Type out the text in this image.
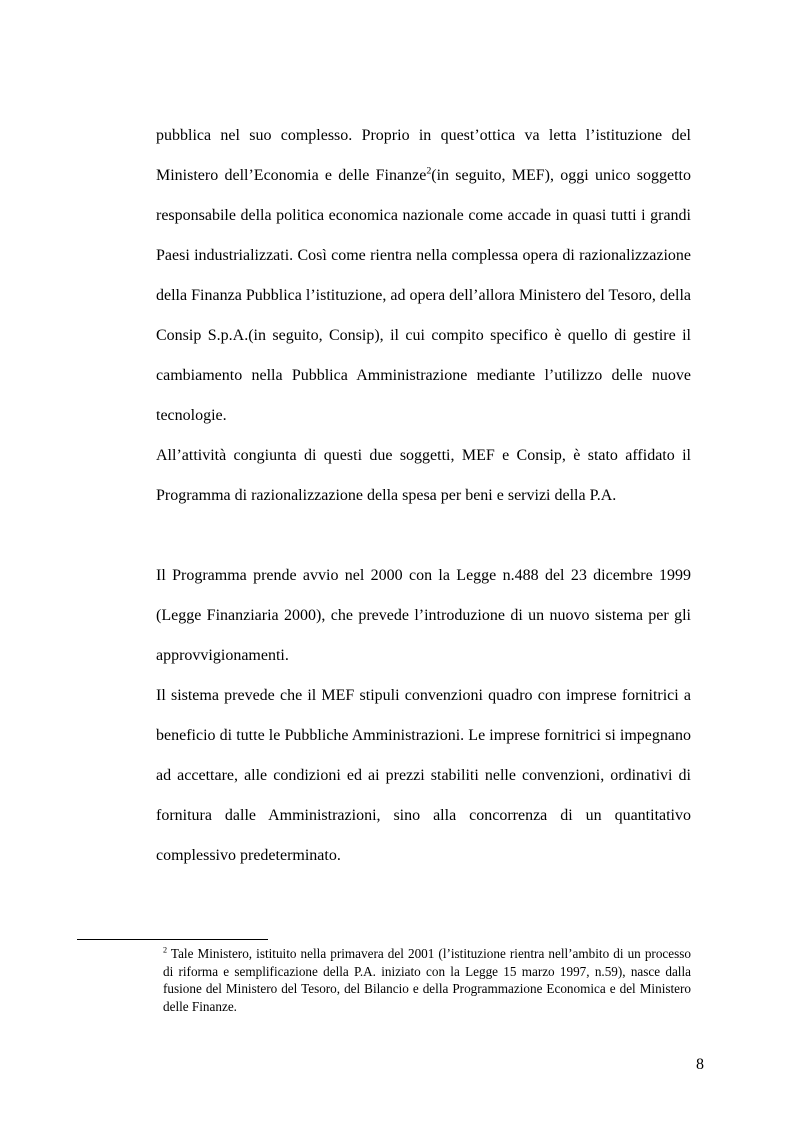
pubblica nel suo complesso. Proprio in quest’ottica va letta l’istituzione del Ministero dell’Economia e delle Finanze$^2$(in seguito, MEF), oggi unico soggetto responsabile della politica economica nazionale come accade in quasi tutti i grandi Paesi industrializzati. Così come rientra nella complessa opera di razionalizzazione della Finanza Pubblica l’istituzione, ad opera dell’allora Ministero del Tesoro, della Consip S.p.A.(in seguito, Consip), il cui compito specifico è quello di gestire il cambiamento nella Pubblica Amministrazione mediante l’utilizzo delle nuove tecnologie.

All’attività congiunta di questi due soggetti, MEF e Consip, è stato affidato il Programma di razionalizzazione della spesa per beni e servizi della P.A.

Il Programma prende avvio nel 2000 con la Legge n.488 del 23 dicembre 1999 (Legge Finanziaria 2000), che prevede l’introduzione di un nuovo sistema per gli approvvigionamenti.

Il sistema prevede che il MEF stipuli convenzioni quadro con imprese fornitrici a beneficio di tutte le Pubbliche Amministrazioni. Le imprese fornitrici si impegnano ad accettare, alle condizioni ed ai prezzi stabiliti nelle convenzioni, ordinativi di fornitura dalle Amministrazioni, sino alla concorrenza di un quantitativo complessivo predeterminato.

$^2$ Tale Ministero, istituito nella primavera del 2001 (l’istituzione rientra nell’ambito di un processo di riforma e semplificazione della P.A. iniziato con la Legge 15 marzo 1997, n.59), nasce dalla fusione del Ministero del Tesoro, del Bilancio e della Programmazione Economica e del Ministero delle Finanze.
8
